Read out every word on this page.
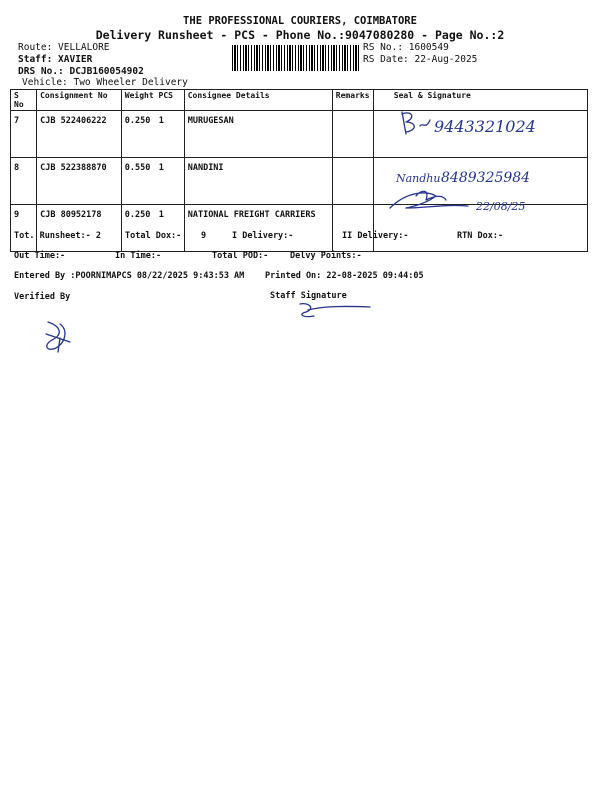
THE PROFESSIONAL COURIERS, COIMBATORE
Delivery Runsheet - PCS - Phone No.:9047080280 - Page No.:2
Route: VELLALORE
Staff: XAVIER
DRS No.: DCJB160054902
Vehicle: Two Wheeler Delivery
RS No.: 1600549
RS Date: 22-Aug-2025
S No	Consignment No	Weight PCS	Consignee Details	Remarks	Seal & Signature
7	CJB 522406222	0.250 1	MURUGESAN		
8	CJB 522388870	0.550 1	NANDINI		
9	CJB 80952178	0.250 1	NATIONAL FREIGHT CARRIERS		
9443321024
Nandhu 8489325984
22/08/25
Tot. Runsheet:- 2	Total Dox:- 9	I Delivery:-	II Delivery:-	RTN Dox:-
Out Time:-	In Time:-	Total POD:-	Delvy Points:-
Entered By :POORNIMAPCS 08/22/2025 9:43:53 AM Printed On: 22-08-2025 09:44:05
Verified By	Staff Signature
